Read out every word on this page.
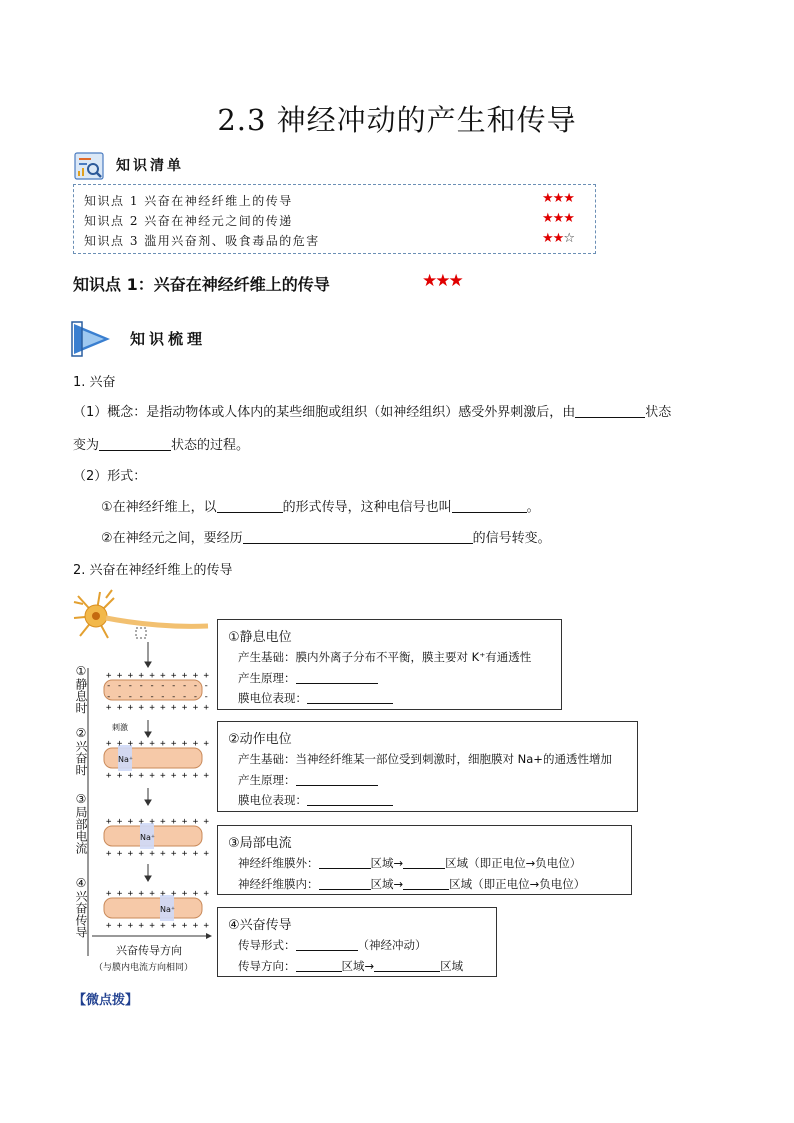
2.3 神经冲动的产生和传导
知识清单
知识点 1 兴奋在神经纤维上的传导	★★★
知识点 2 兴奋在神经元之间的传递	★★★
知识点 3 滥用兴奋剂、吸食毒品的危害	★★☆
知识点 1：兴奋在神经纤维上的传导	★★★
知识梳理
1. 兴奋
（1）概念：是指动物体或人体内的某些细胞或组织（如神经组织）感受外界刺激后，由	状态
变为	状态的过程。
（2）形式：
①在神经纤维上，以	的形式传导，这种电信号也叫	。
②在神经元之间，要经历	的信号转变。
2. 兴奋在神经纤维上的传导
+ + + + + + + + + +
- - - - - - - - - -
- - - - - - - - - -
+ + + + + + + + + +
+ + + + + + + + + +
+ + + + + + + + + +
+ + + + + + + + + +
+ + + + + + + + + +
+ + + + + + + + + +
+ + + + + + + + + +
刺激
Na⁺
Na⁺
Na⁺
①静息时
②兴奋时
③局部电流
④兴奋传导
兴奋传导方向
（与膜内电流方向相同）
①静息电位
产生基础：膜内外离子分布不平衡，膜主要对 K⁺有通透性
产生原理：
膜电位表现：
②动作电位
产生基础：当神经纤维某一部位受到刺激时，细胞膜对 Na+的通透性增加
产生原理：
膜电位表现：
③局部电流
神经纤维膜外：	区域→	区域（即正电位→负电位）
神经纤维膜内：	区域→	区域（即正电位→负电位）
④兴奋传导
传导形式：	（神经冲动）
传导方向：	区域→	区域
【微点拨】
